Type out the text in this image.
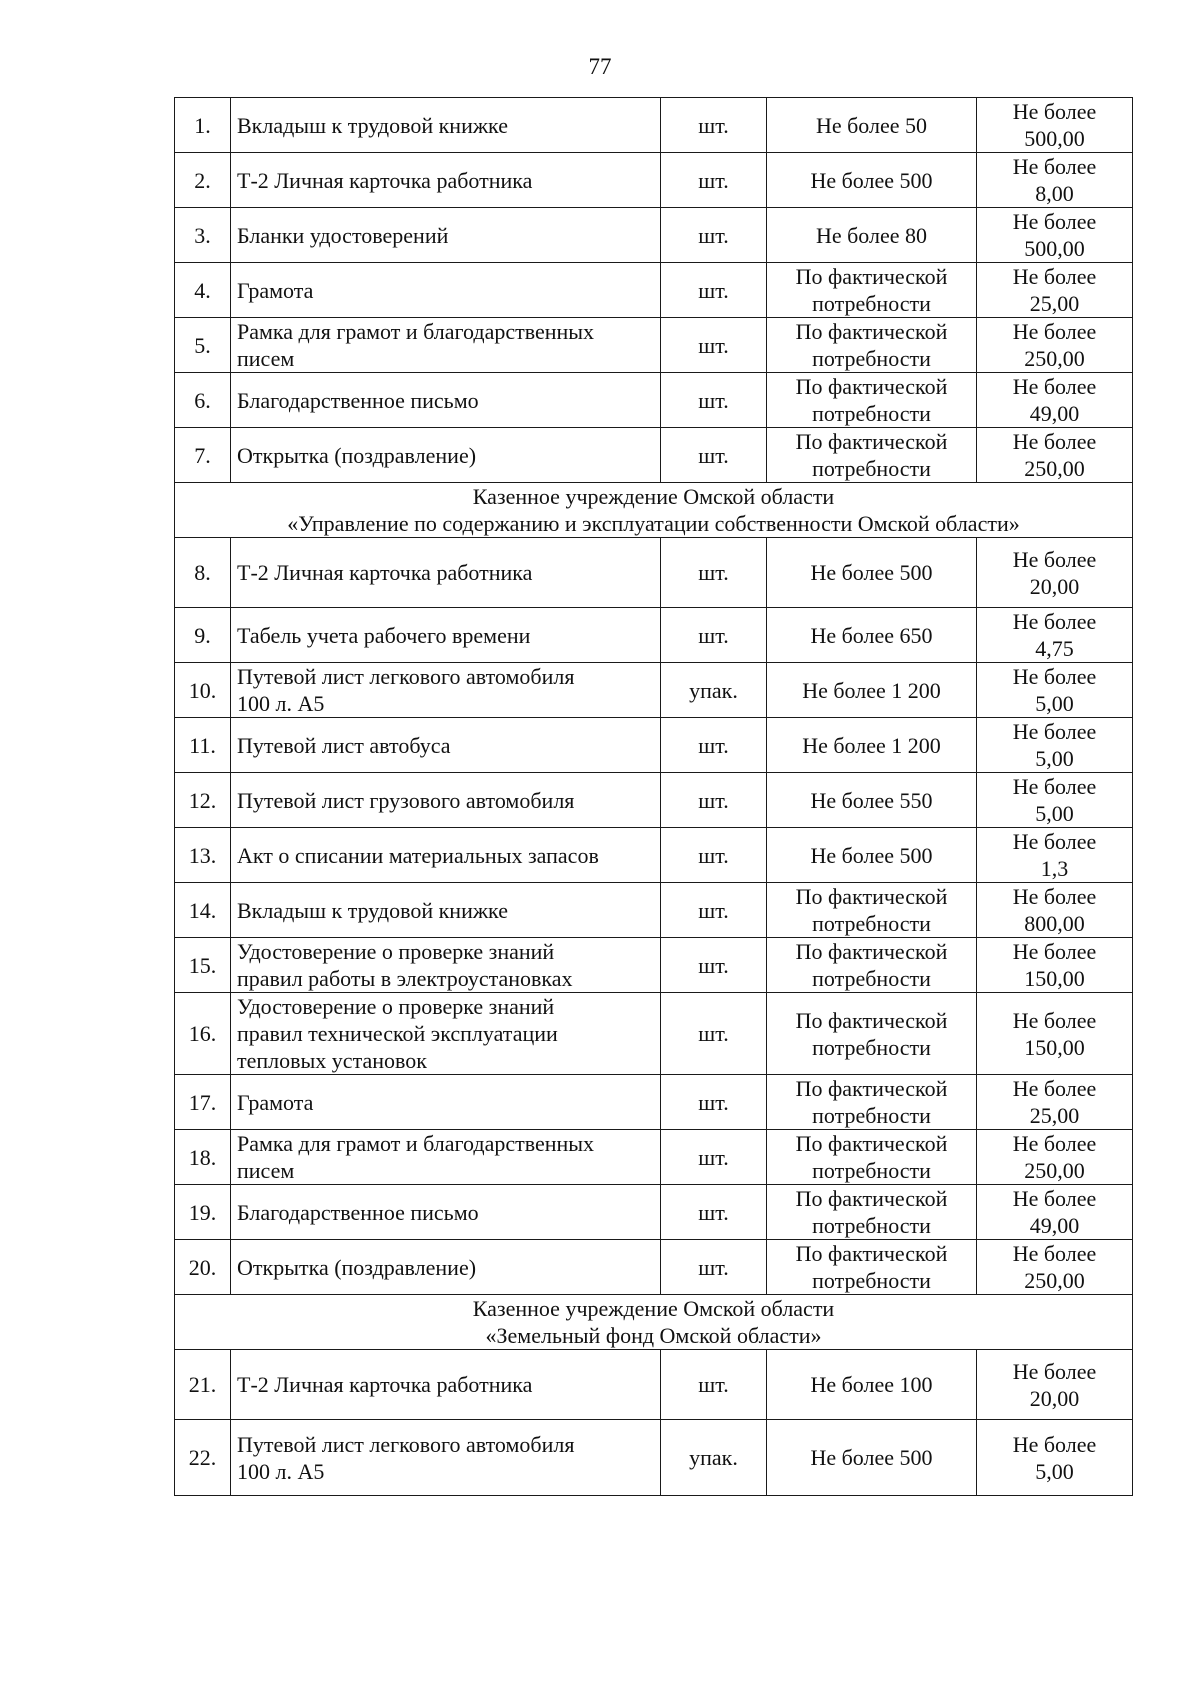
77
1.	Вкладыш к трудовой книжке	шт.	Не более 50	Не более
500,00

2.	Т-2 Личная карточка работника	шт.	Не более 500	Не более
8,00

3.	Бланки удостоверений	шт.	Не более 80	Не более
500,00

4.	Грамота	шт.	По фактической
потребности	Не более
25,00

5.	Рамка для грамот и благодарственных
писем	шт.	По фактической
потребности	Не более
250,00

6.	Благодарственное письмо	шт.	По фактической
потребности	Не более
49,00

7.	Открытка (поздравление)	шт.	По фактической
потребности	Не более
250,00

Казенное учреждение Омской области
«Управление по содержанию и эксплуатации собственности Омской области»				

8.	Т-2 Личная карточка работника	шт.	Не более 500	Не более
20,00

9.	Табель учета рабочего времени	шт.	Не более 650	Не более
4,75

10.	Путевой лист легкового автомобиля
100 л. А5	упак.	Не более 1 200	Не более
5,00

11.	Путевой лист автобуса	шт.	Не более 1 200	Не более
5,00

12.	Путевой лист грузового автомобиля	шт.	Не более 550	Не более
5,00

13.	Акт о списании материальных запасов	шт.	Не более 500	Не более
1,3

14.	Вкладыш к трудовой книжке	шт.	По фактической
потребности	Не более
800,00

15.	Удостоверение о проверке знаний
правил работы в электроустановках	шт.	По фактической
потребности	Не более
150,00

16.	Удостоверение о проверке знаний
правил технической эксплуатации
тепловых установок	шт.	По фактической
потребности	Не более
150,00

17.	Грамота	шт.	По фактической
потребности	Не более
25,00

18.	Рамка для грамот и благодарственных
писем	шт.	По фактической
потребности	Не более
250,00

19.	Благодарственное письмо	шт.	По фактической
потребности	Не более
49,00

20.	Открытка (поздравление)	шт.	По фактической
потребности	Не более
250,00

Казенное учреждение Омской области
«Земельный фонд Омской области»				

21.	Т-2 Личная карточка работника	шт.	Не более 100	Не более
20,00

22.	Путевой лист легкового автомобиля
100 л. А5	упак.	Не более 500	Не более
5,00
